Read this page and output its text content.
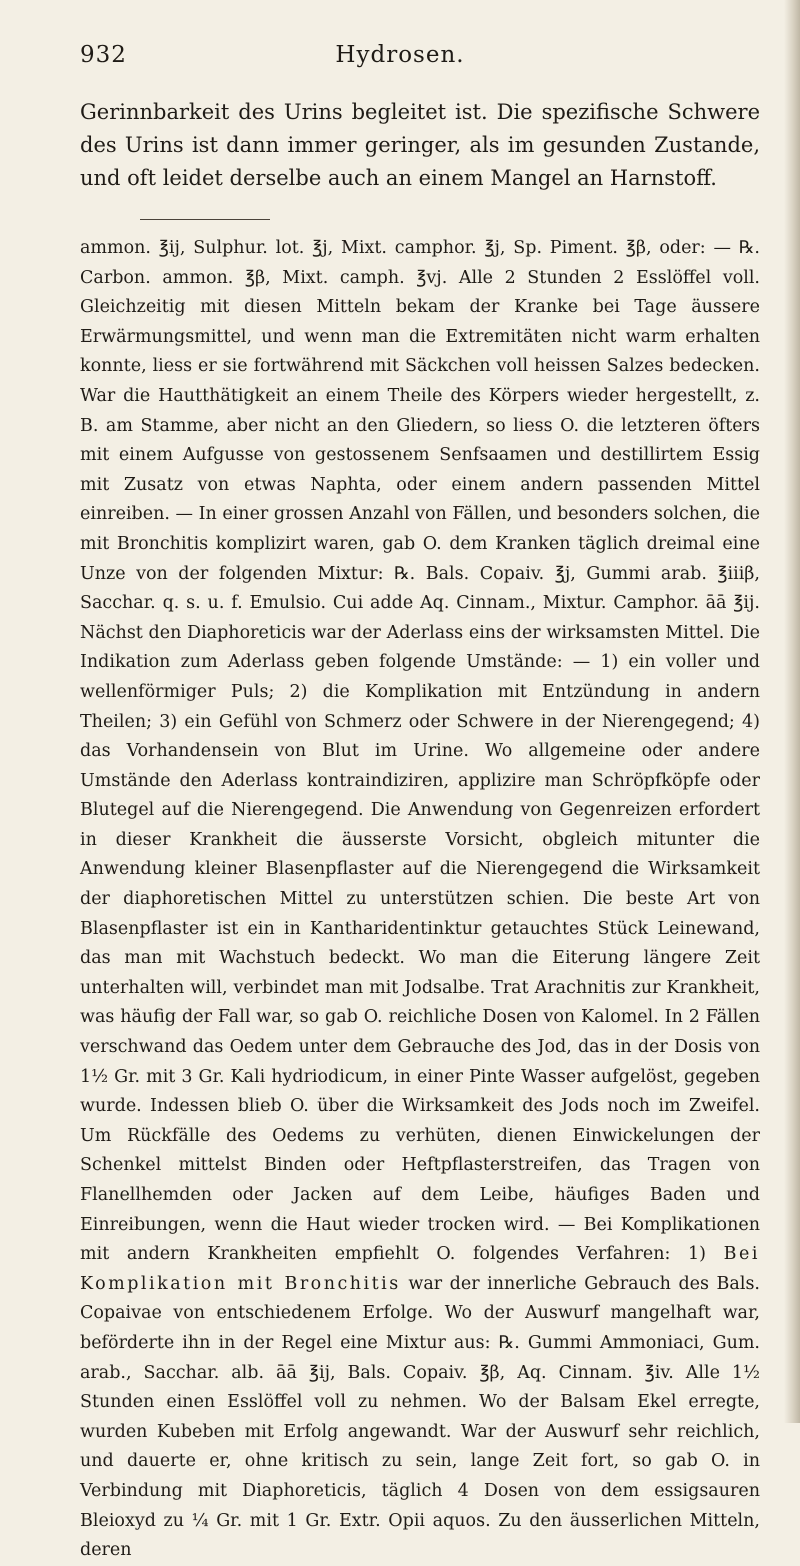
932	Hydrosen.

Gerinnbarkeit des Urins begleitet ist. Die spezifische Schwere des Urins ist dann immer geringer, als im gesunden Zustande, und oft leidet derselbe auch an einem Mangel an Harnstoff.

ammon. ℥ij, Sulphur. lot. ℥j, Mixt. camphor. ℥j, Sp. Piment. ℥β, oder: — ℞. Carbon. ammon. ℥β, Mixt. camph. ℥vj. Alle 2 Stunden 2 Esslöffel voll. Gleichzeitig mit diesen Mitteln bekam der Kranke bei Tage äussere Erwärmungsmittel, und wenn man die Extremitäten nicht warm erhalten konnte, liess er sie fortwährend mit Säckchen voll heissen Salzes bedecken. War die Hautthätigkeit an einem Theile des Körpers wieder hergestellt, z. B. am Stamme, aber nicht an den Gliedern, so liess O. die letzteren öfters mit einem Aufgusse von gestossenem Senfsaamen und destillirtem Essig mit Zusatz von etwas Naphta, oder einem andern passenden Mittel einreiben. — In einer grossen Anzahl von Fällen, und besonders solchen, die mit Bronchitis komplizirt waren, gab O. dem Kranken täglich dreimal eine Unze von der folgenden Mixtur: ℞. Bals. Copaiv. ℥j, Gummi arab. ℥iiiβ, Sacchar. q. s. u. f. Emulsio. Cui adde Aq. Cinnam., Mixtur. Camphor. āā ℥ij. Nächst den Diaphoreticis war der Aderlass eins der wirksamsten Mittel. Die Indikation zum Aderlass geben folgende Umstände: — 1) ein voller und wellenförmiger Puls; 2) die Komplikation mit Entzündung in andern Theilen; 3) ein Gefühl von Schmerz oder Schwere in der Nierengegend; 4) das Vorhandensein von Blut im Urine. Wo allgemeine oder andere Umstände den Aderlass kontraindiziren, applizire man Schröpfköpfe oder Blutegel auf die Nierengegend. Die Anwendung von Gegenreizen erfordert in dieser Krankheit die äusserste Vorsicht, obgleich mitunter die Anwendung kleiner Blasenpflaster auf die Nierengegend die Wirksamkeit der diaphoretischen Mittel zu unterstützen schien. Die beste Art von Blasenpflaster ist ein in Kantharidentinktur getauchtes Stück Leinewand, das man mit Wachstuch bedeckt. Wo man die Eiterung längere Zeit unterhalten will, verbindet man mit Jodsalbe. Trat Arachnitis zur Krankheit, was häufig der Fall war, so gab O. reichliche Dosen von Kalomel. In 2 Fällen verschwand das Oedem unter dem Gebrauche des Jod, das in der Dosis von 1½ Gr. mit 3 Gr. Kali hydriodicum, in einer Pinte Wasser aufgelöst, gegeben wurde. Indessen blieb O. über die Wirksamkeit des Jods noch im Zweifel. Um Rückfälle des Oedems zu verhüten, dienen Einwickelungen der Schenkel mittelst Binden oder Heftpflasterstreifen, das Tragen von Flanellhemden oder Jacken auf dem Leibe, häufiges Baden und Einreibungen, wenn die Haut wieder trocken wird. — Bei Komplikationen mit andern Krankheiten empfiehlt O. folgendes Verfahren: 1) Bei Komplikation mit Bronchitis war der innerliche Gebrauch des Bals. Copaivae von entschiedenem Erfolge. Wo der Auswurf mangelhaft war, beförderte ihn in der Regel eine Mixtur aus: ℞. Gummi Ammoniaci, Gum. arab., Sacchar. alb. āā ℥ij, Bals. Copaiv. ℥β, Aq. Cinnam. ℥iv. Alle 1½ Stunden einen Esslöffel voll zu nehmen. Wo der Balsam Ekel erregte, wurden Kubeben mit Erfolg angewandt. War der Auswurf sehr reichlich, und dauerte er, ohne kritisch zu sein, lange Zeit fort, so gab O. in Verbindung mit Diaphoreticis, täglich 4 Dosen von dem essigsauren Bleioxyd zu ¼ Gr. mit 1 Gr. Extr. Opii aquos. Zu den äusserlichen Mitteln, deren
